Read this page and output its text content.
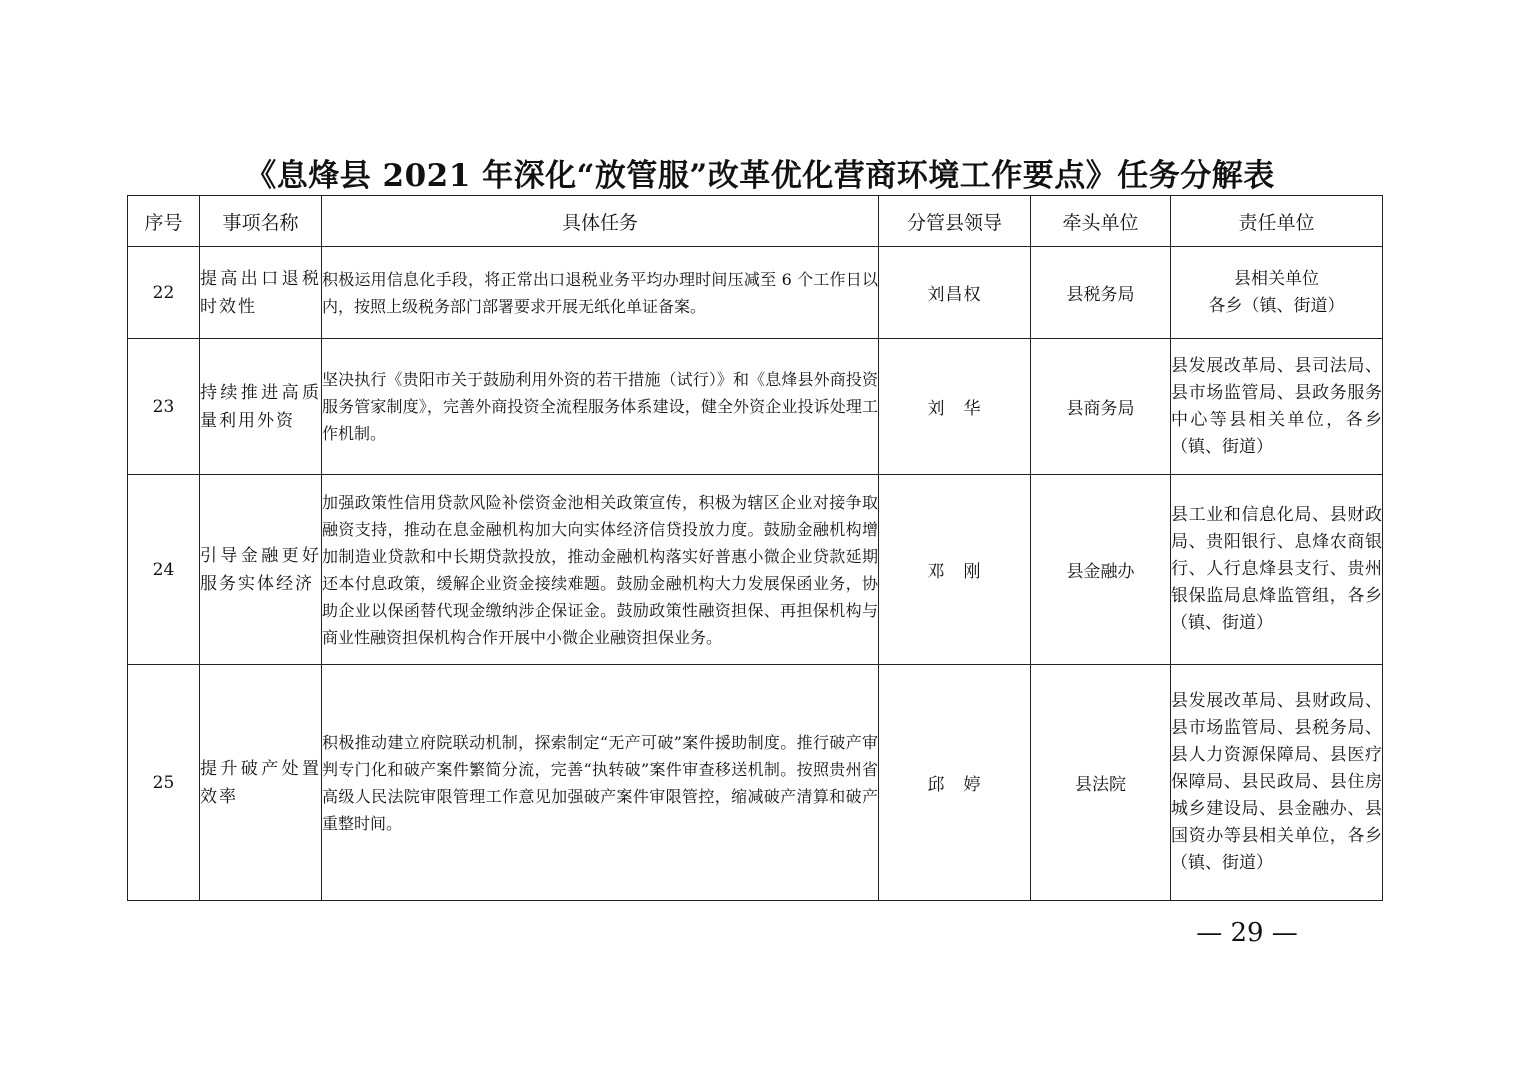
《息烽县 2021 年深化“放管服”改革优化营商环境工作要点》任务分解表
序号	事项名称	具体任务	分管县领导	牵头单位	责任单位
22	提高出口退税时效性	积极运用信息化手段，将正常出口退税业务平均办理时间压减至 6 个工作日以内，按照上级税务部门部署要求开展无纸化单证备案。	刘昌权	县税务局	县相关单位
各乡（镇、街道）

23	持续推进高质量利用外资	坚决执行《贵阳市关于鼓励利用外资的若干措施（试行）》和《息烽县外商投资服务管家制度》，完善外商投资全流程服务体系建设，健全外资企业投诉处理工作机制。	刘　华	县商务局	县发展改革局、县司法局、县市场监管局、县政务服务中心等县相关单位，各乡（镇、街道）
24	引导金融更好服务实体经济	加强政策性信用贷款风险补偿资金池相关政策宣传，积极为辖区企业对接争取融资支持，推动在息金融机构加大向实体经济信贷投放力度。鼓励金融机构增加制造业贷款和中长期贷款投放，推动金融机构落实好普惠小微企业贷款延期还本付息政策，缓解企业资金接续难题。鼓励金融机构大力发展保函业务，协助企业以保函替代现金缴纳涉企保证金。鼓励政策性融资担保、再担保机构与商业性融资担保机构合作开展中小微企业融资担保业务。	邓　刚	县金融办	县工业和信息化局、县财政局、贵阳银行、息烽农商银行、人行息烽县支行、贵州银保监局息烽监管组，各乡（镇、街道）
25	提升破产处置效率	积极推动建立府院联动机制，探索制定“无产可破”案件援助制度。推行破产审判专门化和破产案件繁简分流，完善“执转破”案件审查移送机制。按照贵州省高级人民法院审限管理工作意见加强破产案件审限管控，缩减破产清算和破产重整时间。	邱　婷	县法院	县发展改革局、县财政局、县市场监管局、县税务局、县人力资源保障局、县医疗保障局、县民政局、县住房城乡建设局、县金融办、县国资办等县相关单位，各乡（镇、街道）
— 29 —
